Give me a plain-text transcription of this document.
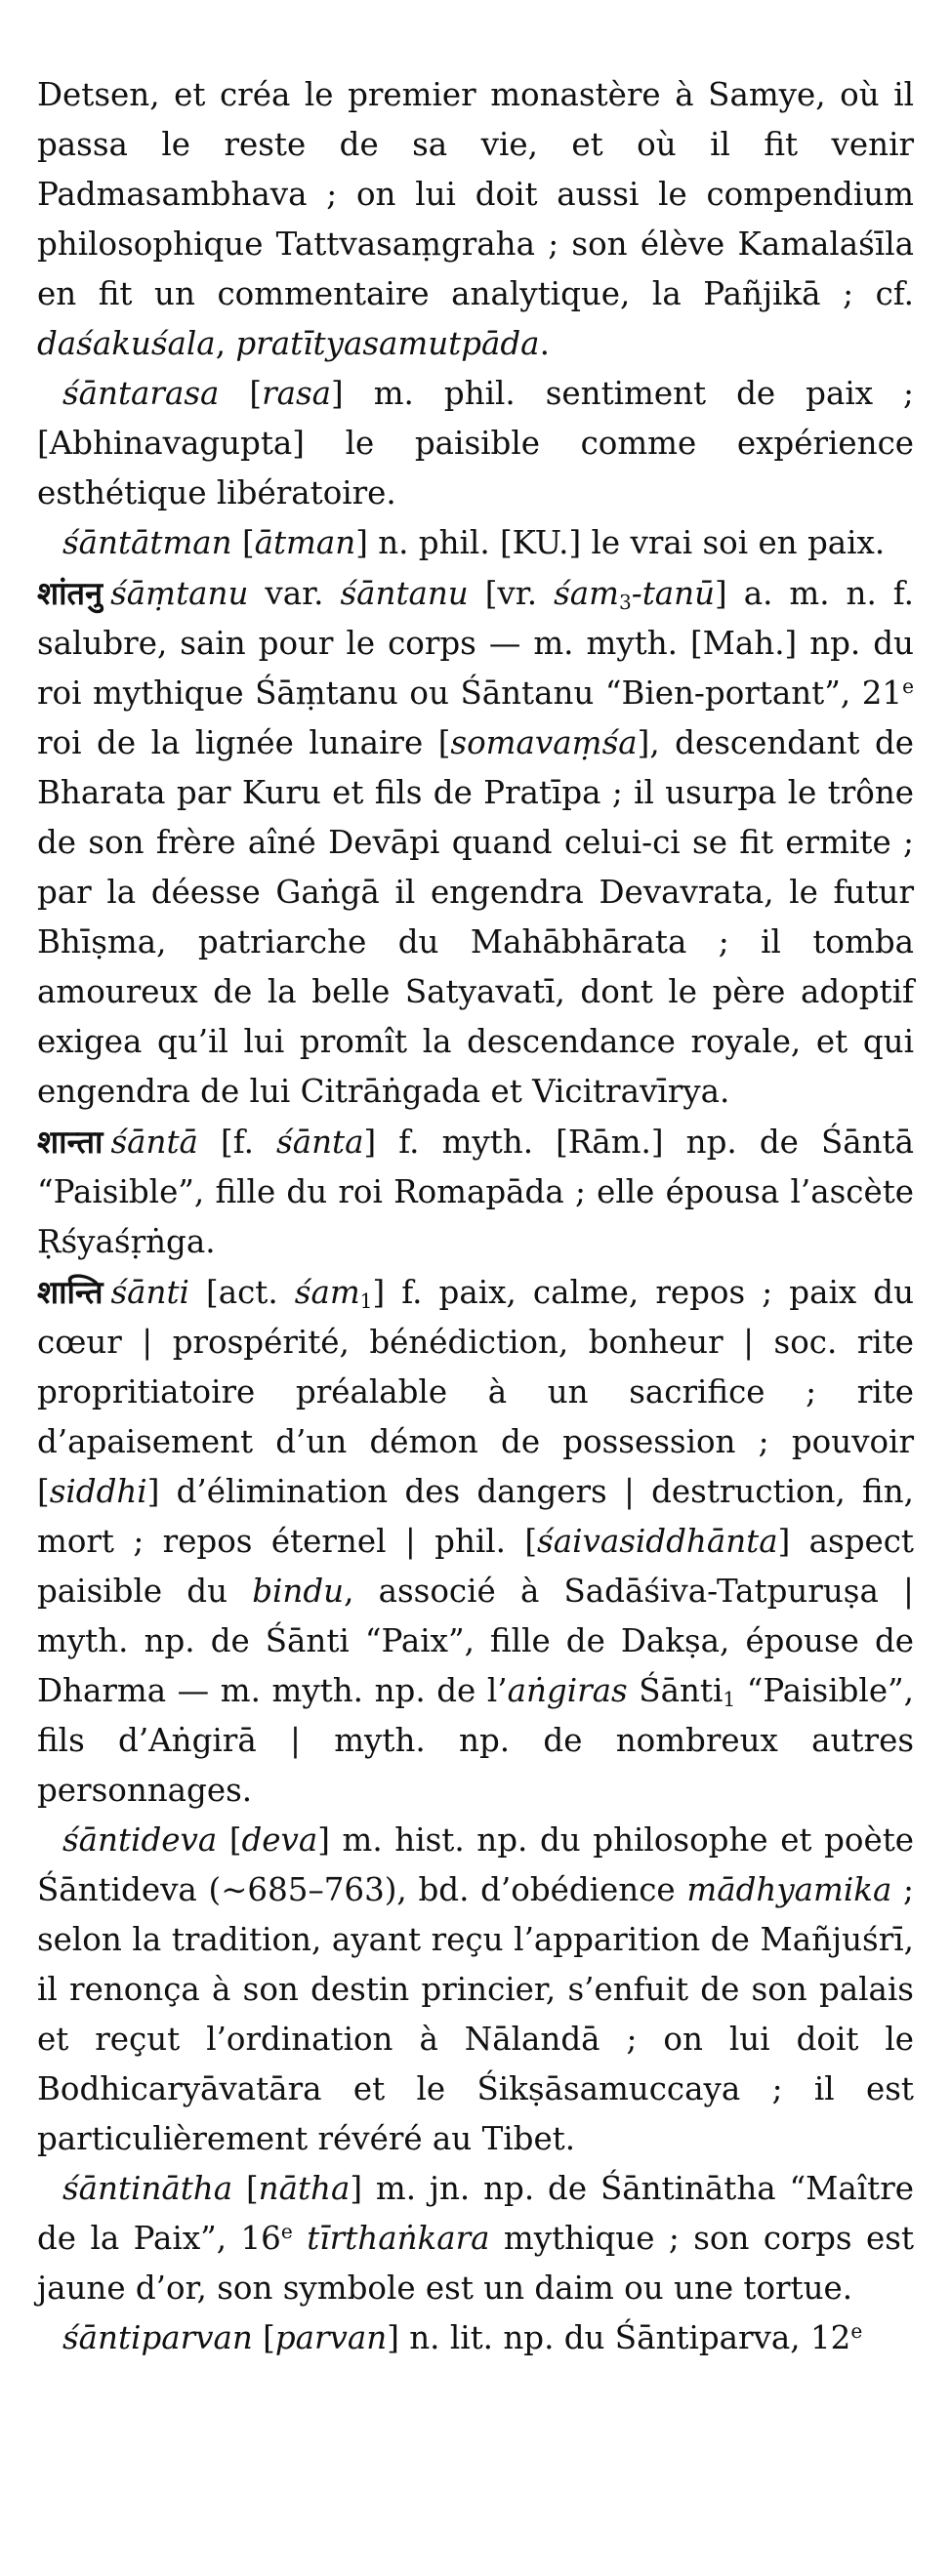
Detsen, et créa le premier monastère à Samye, où il passa le reste de sa vie, et où il fit venir Padmasambhava ; on lui doit aussi le compendium philosophique Tattvasaṃgraha ; son élève Kamalaśīla en fit un commentaire analytique, la Pañjikā ; cf. daśakuśala, pratītyasamutpāda.

śāntarasa [rasa] m. phil. sentiment de paix ; [Abhinavagupta] le paisible comme expérience esthétique libératoire.

śāntātman [ātman] n. phil. [KU.] le vrai soi en paix.

शांतनु śāṃtanu var. śāntanu [vr. śam$_3$-tanū] a. m. n. f. salubre, sain pour le corps — m. myth. [Mah.] np. du roi mythique Śāṃtanu ou Śāntanu “Bien-portant”, 21e roi de la lignée lunaire [somavaṃśa], descendant de Bharata par Kuru et fils de Pratīpa ; il usurpa le trône de son frère aîné Devāpi quand celui-ci se fit ermite ; par la déesse Gaṅgā il engendra Devavrata, le futur Bhīṣma, patriarche du Mahābhārata ; il tomba amoureux de la belle Satyavatī, dont le père adoptif exigea qu’il lui promît la descendance royale, et qui engendra de lui Citrāṅgada et Vicitravīrya.

शान्ता śāntā [f. śānta] f. myth. [Rām.] np. de Śāntā “Paisible”, fille du roi Romapāda ; elle épousa l’ascète Ṛśyaśṛṅga.

शान्ति śānti [act. śam$_1$] f. paix, calme, repos ; paix du cœur | prospérité, bénédiction, bonheur | soc. rite propritiatoire préalable à un sacrifice ; rite d’apaisement d’un démon de possession ; pouvoir [siddhi] d’élimination des dangers | destruction, fin, mort ; repos éternel | phil. [śaivasiddhānta] aspect paisible du bindu, associé à Sadāśiva-Tatpuruṣa | myth. np. de Śānti “Paix”, fille de Dakṣa, épouse de Dharma — m. myth. np. de l’aṅgiras Śānti$_1$ “Paisible”, fils d’Aṅgirā | myth. np. de nombreux autres personnages.

śāntideva [deva] m. hist. np. du philosophe et poète Śāntideva (∼685–763), bd. d’obédience mādhyamika ; selon la tradition, ayant reçu l’apparition de Mañjuśrī, il renonça à son destin princier, s’enfuit de son palais et reçut l’ordination à Nālandā ; on lui doit le Bodhicaryāvatāra et le Śikṣāsamuccaya ; il est particulièrement révéré au Tibet.

śāntinātha [nātha] m. jn. np. de Śāntinātha “Maître de la Paix”, 16e tīrthaṅkara mythique ; son corps est jaune d’or, son symbole est un daim ou une tortue.

śāntiparvan [parvan] n. lit. np. du Śāntiparva, 12e
